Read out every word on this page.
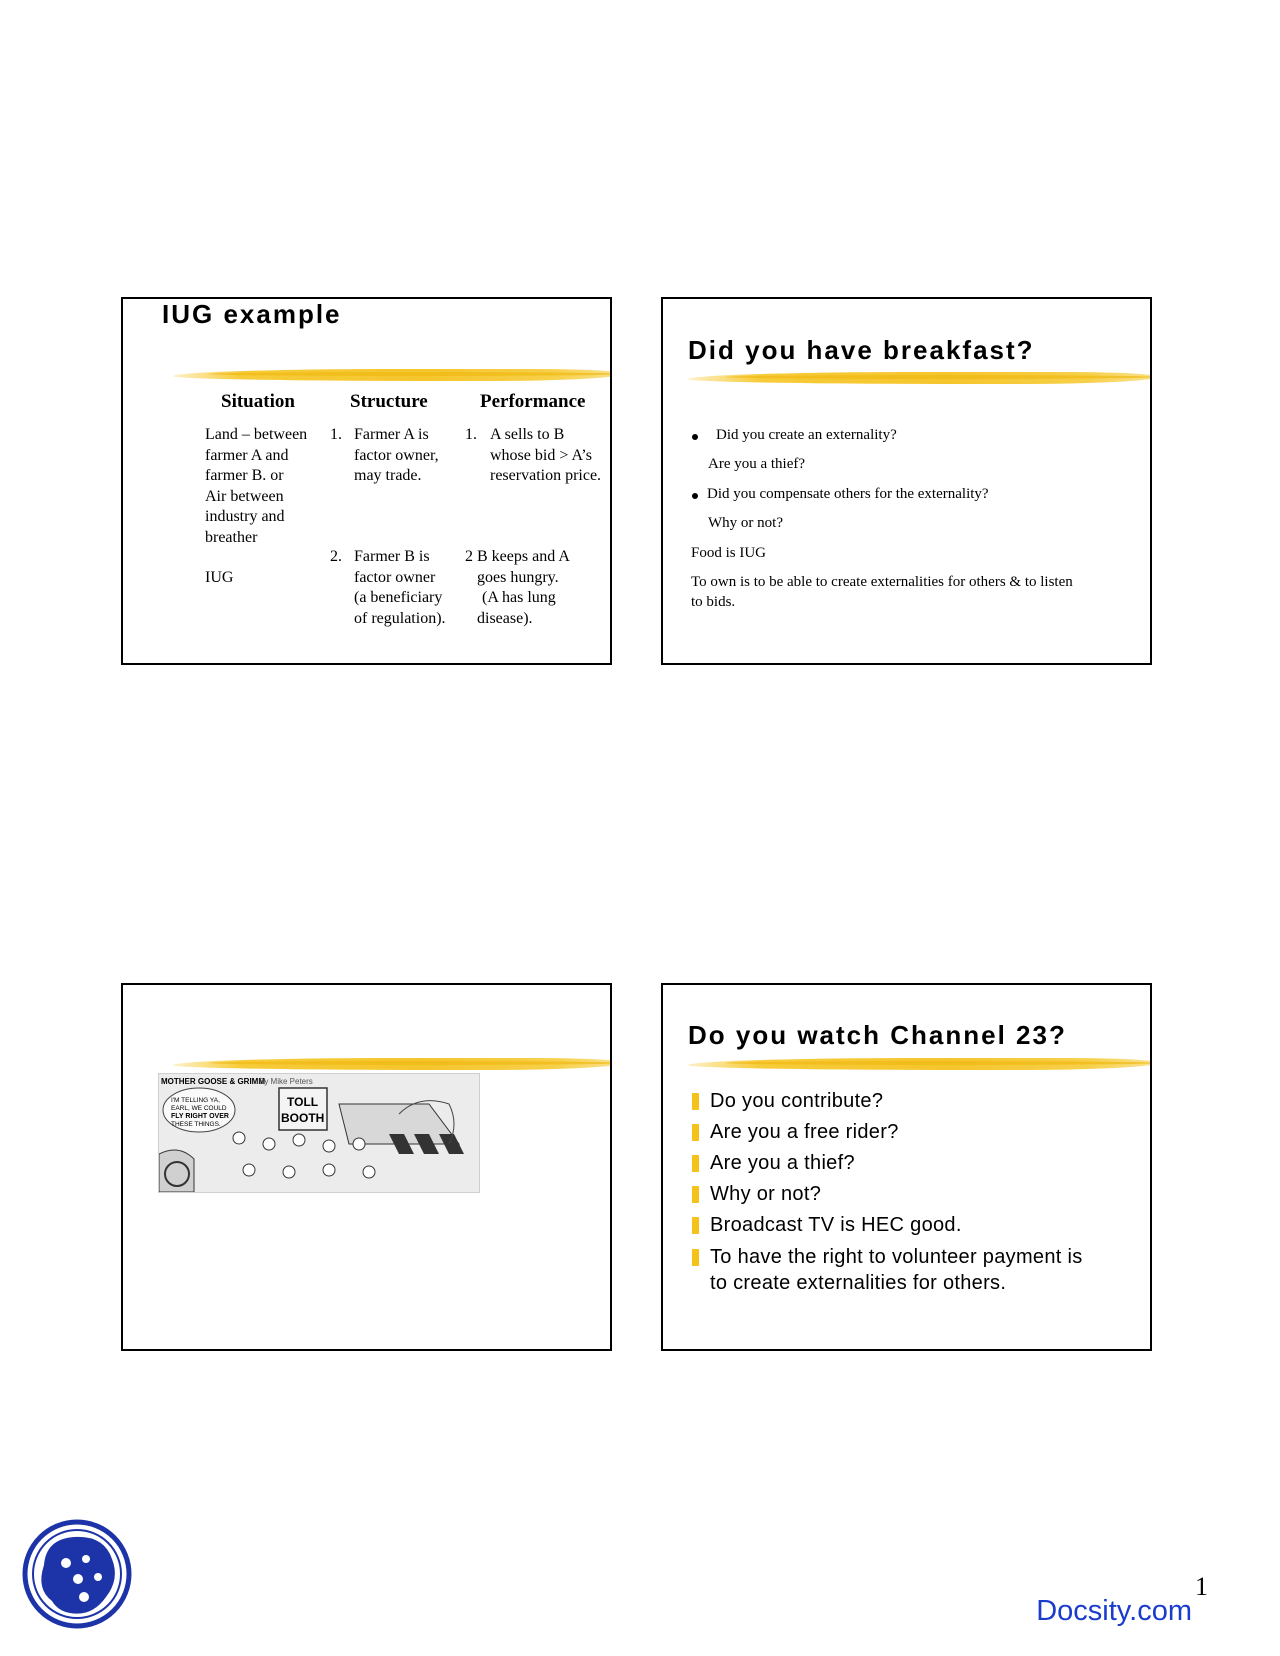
IUG example
Situation	Structure	Performance
Land – between
farmer A and
farmer B. or
Air between
industry and
breather
IUG
1. Farmer A is
factor owner,
may trade.
2. Farmer B is
factor owner
(a beneficiary
of regulation).
1. A sells to B
whose bid > A’s
reservation price.
2 B keeps and A
goes hungry.
(A has lung
disease).
Did you have breakfast?
Did you create an externality?
Are you a thief?
Did you compensate others for the externality?
Why or not?
Food is IUG
To own is to be able to create externalities for others & to listen
to bids.
MOTHER GOOSE & GRIMM
By Mike Peters
I'M TELLING YA,
EARL, WE COULD
FLY RIGHT OVER
THESE THINGS.
TOLL
BOOTH
Do you watch Channel 23?
Do you contribute?
Are you a free rider?
Are you a thief?
Why or not?
Broadcast TV is HEC good.
To have the right to volunteer payment is
to create externalities for others.
1
Docsity.com
